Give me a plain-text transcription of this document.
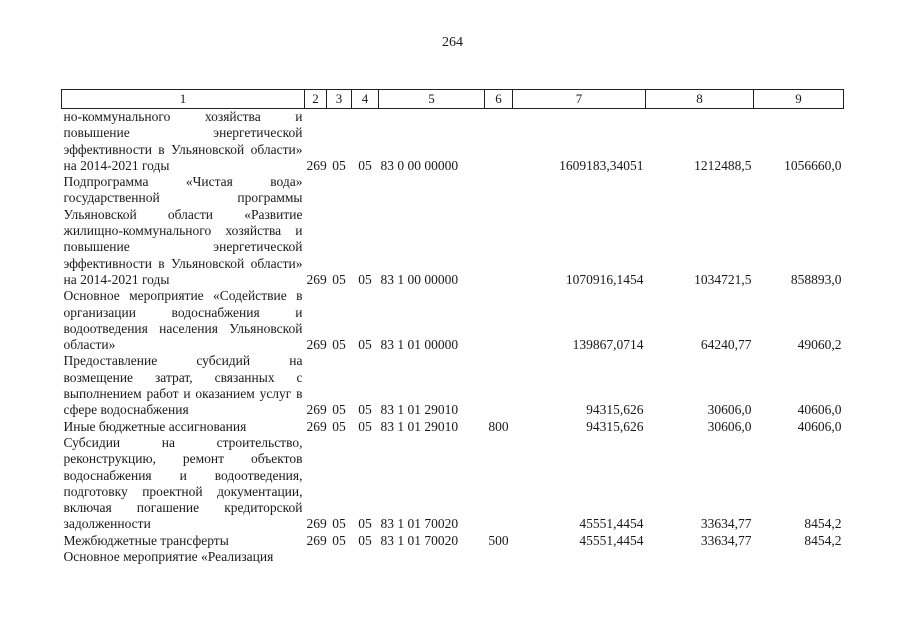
264
1	2	3	4	5	6	7	8	9
но-коммунального хозяйства и повышение энергетической эффективности в Ульяновской области» на 2014-2021 годы	269	05	05	83 0 00 00000		1609183,34051	1212488,5	1056660,0
Подпрограмма «Чистая вода» государственной программы Ульяновской области «Развитие жилищно-коммунального хозяйства и повышение энергетической эффективности в Ульяновской области» на 2014-2021 годы	269	05	05	83 1 00 00000		1070916,1454	1034721,5	858893,0
Основное мероприятие «Содействие в организации водоснабжения и водоотведения населения Ульяновской области»	269	05	05	83 1 01 00000		139867,0714	64240,77	49060,2
Предоставление субсидий на возмещение затрат, связанных с выполнением работ и оказанием услуг в сфере водоснабжения	269	05	05	83 1 01 29010		94315,626	30606,0	40606,0
Иные бюджетные ассигнования	269	05	05	83 1 01 29010	800	94315,626	30606,0	40606,0
Субсидии на строительство, реконструкцию, ремонт объектов водоснабжения и водоотведения, подготовку проектной документации, включая погашение кредиторской задолженности	269	05	05	83 1 01 70020		45551,4454	33634,77	8454,2
Межбюджетные трансферты	269	05	05	83 1 01 70020	500	45551,4454	33634,77	8454,2
Основное мероприятие «Реализация								
